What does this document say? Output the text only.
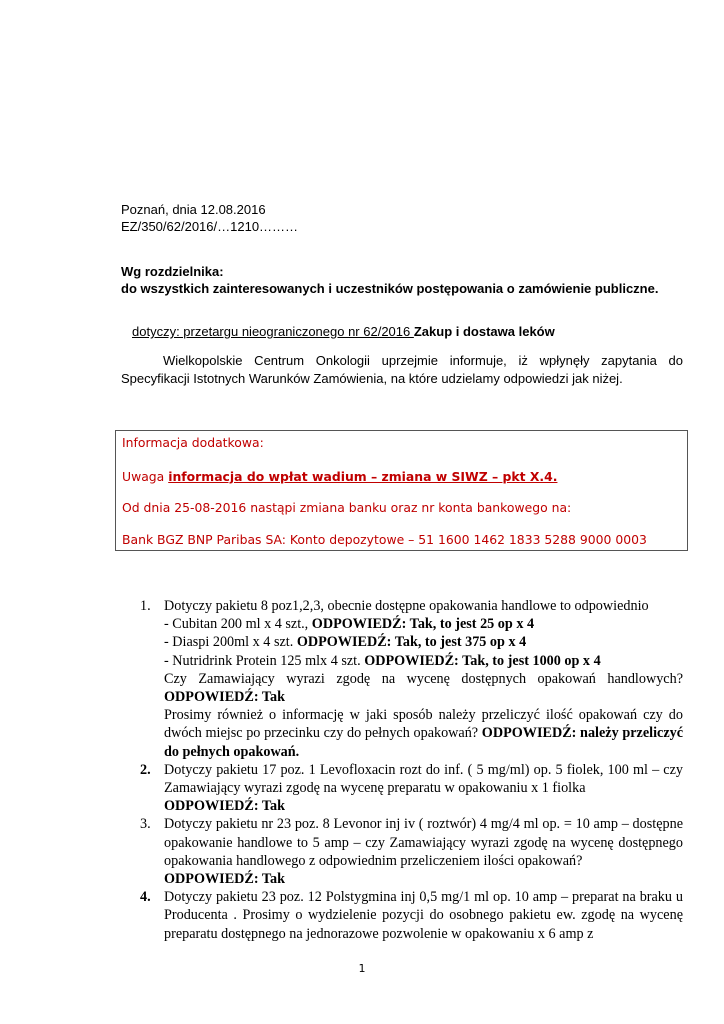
Poznań, dnia 12.08.2016
EZ/350/62/2016/…1210………
Wg rozdzielnika:
do wszystkich zainteresowanych i uczestników postępowania o zamówienie publiczne.
dotyczy: przetargu nieograniczonego nr 62/2016 Zakup i dostawa leków
Wielkopolskie Centrum Onkologii uprzejmie informuje, iż wpłynęły zapytania do Specyfikacji Istotnych Warunków Zamówienia, na które udzielamy odpowiedzi jak niżej.
Informacja dodatkowa:
Uwaga informacja do wpłat wadium – zmiana w SIWZ – pkt X.4.
Od dnia 25-08-2016 nastąpi zmiana banku oraz nr konta bankowego na:
Bank BGZ BNP Paribas SA: Konto depozytowe – 51 1600 1462 1833 5288 9000 0003
1. Dotyczy pakietu 8 poz1,2,3, obecnie dostępne opakowania handlowe to odpowiednio
- Cubitan 200 ml x 4 szt., ODPOWIEDŹ: Tak, to jest 25 op x 4
- Diaspi 200ml x 4 szt. ODPOWIEDŹ: Tak, to jest 375 op x 4
- Nutridrink Protein 125 mlx 4 szt. ODPOWIEDŹ: Tak, to jest 1000 op x 4
Czy Zamawiający wyrazi zgodę na wycenę dostępnych opakowań handlowych?
ODPOWIEDŹ: Tak
Prosimy również o informację w jaki sposób należy przeliczyć ilość opakowań czy do dwóch miejsc po przecinku czy do pełnych opakowań? ODPOWIEDŹ: należy przeliczyć do pełnych opakowań.
2. Dotyczy pakietu 17 poz. 1 Levofloxacin rozt do inf. ( 5 mg/ml) op. 5 fiolek, 100 ml – czy Zamawiający wyrazi zgodę na wycenę preparatu w opakowaniu x 1 fiolka
ODPOWIEDŹ: Tak
3. Dotyczy pakietu nr 23 poz. 8 Levonor inj iv ( roztwór) 4 mg/4 ml op. = 10 amp – dostępne opakowanie handlowe to 5 amp – czy Zamawiający wyrazi zgodę na wycenę dostępnego opakowania handlowego z odpowiednim przeliczeniem ilości opakowań?
ODPOWIEDŹ: Tak
4. Dotyczy pakietu 23 poz. 12 Polstygmina inj 0,5 mg/1 ml op. 10 amp – preparat na braku u Producenta . Prosimy o wydzielenie pozycji do osobnego pakietu ew. zgodę na wycenę preparatu dostępnego na jednorazowe pozwolenie w opakowaniu x 6 amp z
1
